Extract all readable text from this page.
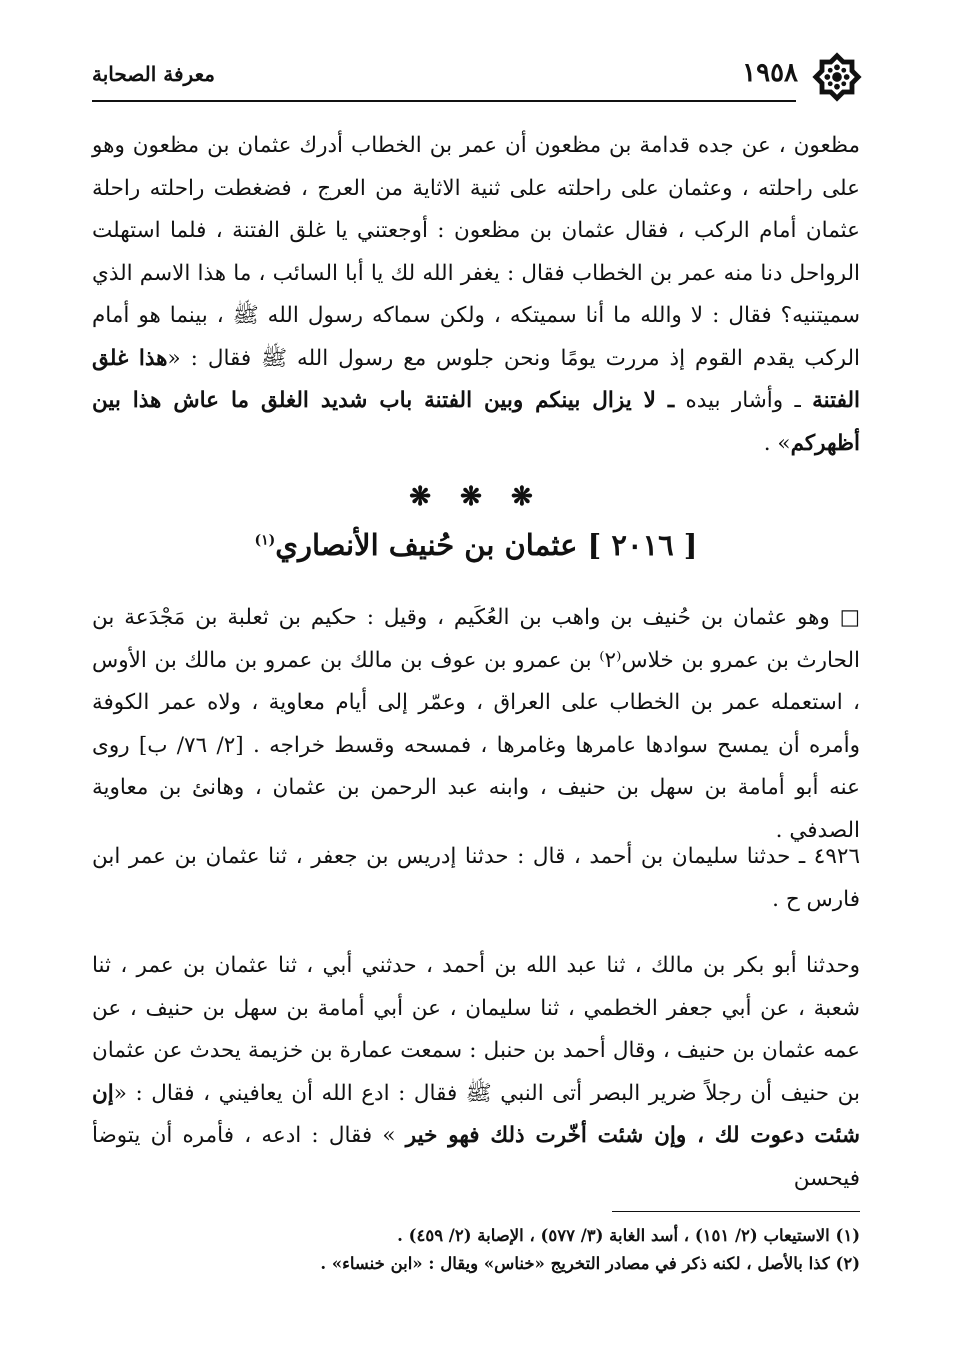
١٩٥٨
معرفة الصحابة

مظعون ، عن جده قدامة بن مظعون أن عمر بن الخطاب أدرك عثمان بن مظعون وهو على راحلته ، وعثمان على راحلته على ثنية الاثاية من العرج ، فضغطت راحلته راحلة عثمان أمام الركب ، فقال عثمان بن مظعون : أوجعتني يا غلق الفتنة ، فلما استهلت الرواحل دنا منه عمر بن الخطاب فقال : يغفر الله لك يا أبا السائب ، ما هذا الاسم الذي سميتنيه؟ فقال : لا والله ما أنا سميتكه ، ولكن سماكه رسول الله ﷺ ، بينما هو أمام الركب يقدم القوم إذ مررت يومًا ونحن جلوس مع رسول الله ﷺ فقال : «هذا غلق الفتنة ـ وأشار بيده ـ لا يزال بينكم وبين الفتنة باب شديد الغلق ما عاش هذا بين أظهركم» .

❋ ❋ ❋
[ ٢٠١٦ ] عثمان بن حُنيف الأنصاري$^{(١)}$

□ وهو عثمان بن حُنيف بن واهب بن العُكَيم ، وقيل : حكيم بن ثعلبة بن مَجْدَعة بن الحارث بن عمرو بن خلاس⁽٢⁾ بن عمرو بن عوف بن مالك بن عمرو بن مالك بن الأوس ، استعمله عمر بن الخطاب على العراق ، وعمّر إلى أيام معاوية ، ولاه عمر الكوفة وأمره أن يمسح سوادها عامرها وغامرها ، فمسحه وقسط خراجه . [٢/ ٧٦/ ب] روى عنه أبو أمامة بن سهل بن حنيف ، وابنه عبد الرحمن بن عثمان ، وهانئ بن معاوية الصدفي .

٤٩٢٦ ـ حدثنا سليمان بن أحمد ، قال : حدثنا إدريس بن جعفر ، ثنا عثمان بن عمر ابن فارس ح .

وحدثنا أبو بكر بن مالك ، ثنا عبد الله بن أحمد ، حدثني أبي ، ثنا عثمان بن عمر ، ثنا شعبة ، عن أبي جعفر الخطمي ، ثنا سليمان ، عن أبي أمامة بن سهل بن حنيف ، عن عمه عثمان بن حنيف ، وقال أحمد بن حنبل : سمعت عمارة بن خزيمة يحدث عن عثمان بن حنيف أن رجلاً ضرير البصر أتى النبي ﷺ فقال : ادع الله أن يعافيني ، فقال : «إن شئت دعوت لك ، وإن شئت أخّرت ذلك فهو خير » فقال : ادعه ، فأمره أن يتوضأ فيحسن

(١) الاستيعاب (٢/ ١٥١) ، أسد الغابة (٣/ ٥٧٧) ، الإصابة (٢/ ٤٥٩) .

(٢) كذا بالأصل ، لكنه ذكر في مصادر التخريج «خناس» ويقال : «ابن خنساء» .
